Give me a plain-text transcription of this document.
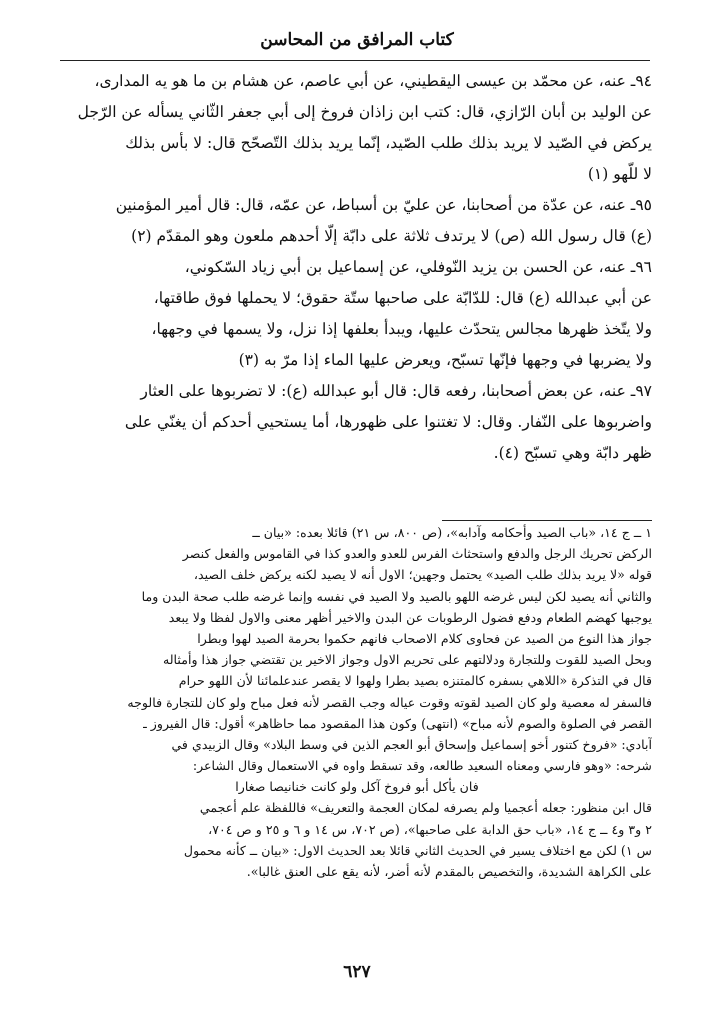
كتاب المرافق من المحاسن
٩٤ـ عنه، عن محمّد بن عيسى اليقطيني، عن أبي عاصم، عن هشام بن ما هو يه المدارى،
عن الوليد بن أبان الرّازي، قال: كتب ابن زاذان فروخ إلى أبي جعفر الثّاني يسأله عن الرّجل
يركض في الصّيد لا يريد بذلك طلب الصّيد، إنّما يريد بذلك التّصحّح قال: لا بأس بذلك
لا للّهو (١)
٩٥ـ عنه، عن عدّة من أصحابنا، عن عليّ بن أسباط، عن عمّه، قال: قال أمير المؤمنين
(ع) قال رسول الله (ص) لا يرتدف ثلاثة على دابّة إلّا أحدهم ملعون وهو المقدّم (٢)
٩٦ـ عنه، عن الحسن بن يزيد النّوفلي، عن إسماعيل بن أبي زياد السّكوني،
عن أبي عبدالله (ع) قال: للدّابّة على صاحبها ستّة حقوق؛ لا يحملها فوق طاقتها،
ولا يتّخذ ظهرها مجالس يتحدّث عليها، ويبدأ بعلفها إذا نزل، ولا يسمها في وجهها،
ولا يضربها في وجهها فإنّها تسبّح، ويعرض عليها الماء إذا مرّ به (٣)
٩٧ـ عنه، عن بعض أصحابنا، رفعه قال: قال أبو عبدالله (ع): لا تضربوها على العثار
واضربوها على النّفار. وقال: لا تغتنوا على ظهورها، أما يستحيي أحدكم أن يغنّي على
ظهر دابّة وهي تسبّح (٤).
١ ــ ج ١٤، «باب الصيد وأحكامه وآدابه»، (ص ٨٠٠، س ٢١) قائلا بعده: «بيان ــ
الركض تحريك الرجل والدفع واستحثاث الفرس للعدو والعدو كذا في القاموس والفعل كنصر
قوله «لا يريد بذلك طلب الصيد» يحتمل وجهين؛ الاول أنه لا يصيد لكنه يركض خلف الصيد،
والثاني أنه يصيد لكن ليس غرضه اللهو بالصيد ولا الصيد في نفسه وإنما غرضه طلب صحة البدن وما
يوجبها كهضم الطعام ودفع فضول الرطوبات عن البدن والاخير أظهر معنى والاول لفظا ولا يبعد
جواز هذا النوع من الصيد عن فحاوى كلام الاصحاب فانهم حكموا بحرمة الصيد لهوا وبطرا
وبحل الصيد للقوت وللتجارة ودلالتهم على تحريم الاول وجواز الاخير ين تقتضي جواز هذا وأمثاله
قال في التذكرة «اللاهي بسفره كالمتنزه بصيد بطرا ولهوا لا يقصر عندعلمائنا لأن اللهو حرام
فالسفر له معصية ولو كان الصيد لقوته وقوت عياله وجب القصر لأنه فعل مباح ولو كان للتجارة فالوجه
القصر في الصلوة والصوم لأنه مباح» (انتهى) وكون هذا المقصود مما حاظاهر» أقول: قال الفيروز ـ
آبادي: «فروخ كتنور أخو إسماعيل وإسحاق أبو العجم الذين في وسط البلاد» وقال الزبيدي في
شرحه: «وهو فارسي ومعناه السعيد طالعه، وقد تسقط واوه في الاستعمال وقال الشاعر:
فان يأكل أبو فروخ آكل ولو كانت خنانيصا صغارا
قال ابن منظور: جعله أعجميا ولم يصرفه لمكان العجمة والتعريف» فاللفظة علم أعجمي
٢ و٣ و٤ ــ ج ١٤، «باب حق الدابة على صاحبها»، (ص ٧٠٢، س ١٤ و ٦ و ٢٥ و ص ٧٠٤،
س ١) لكن مع اختلاف يسير في الحديث الثاني قائلا بعد الحديث الاول: «بيان ــ كأنه محمول
على الكراهة الشديدة، والتخصيص بالمقدم لأنه أضر، لأنه يقع على العنق غالبا».
٦٢٧
